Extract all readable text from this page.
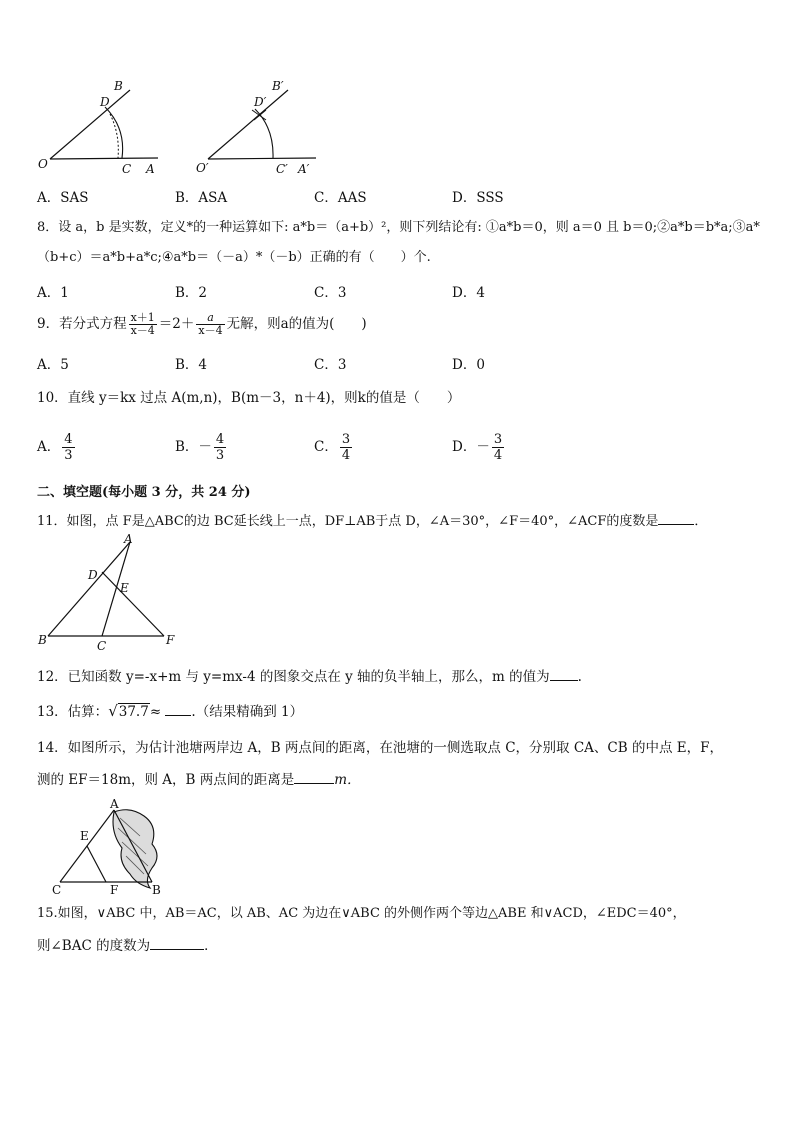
B
D
O	C A
B′
D′
O′	C′ A′
A．SAS	B．ASA	C．AAS	D．SSS
8．设 a，b 是实数，定义*的一种运算如下: a*b＝（a+b）²，则下列结论有: ①a*b＝0，则 a＝0 且 b＝0;②a*b＝b*a;③a*
（b+c）＝a*b+a*c;④a*b＝（－a）*（－b）正确的有（　　）个.
A．1	B．2	C．3	D．4
9．若分式方程 $\frac{x+1}{x-4} =2+ \frac{a}{x-4}$ 无解，则a的值为(　　)
A．5	B．4	C．3	D．0
10．直线 y＝kx 过点 A(m,n)，B(m－3，n＋4)，则k的值是（　　）
A． $\frac{4}{3}$	B．－ $\frac{4}{3}$	C． $\frac{3}{4}$	D．－ $\frac{3}{4}$
二、填空题(每小题 3 分，共 24 分)
11．如图，点 F是△ABC的边 BC延长线上一点，DF⊥AB于点 D，∠A＝30°，∠F＝40°，∠ACF的度数是	．
A
D
E
B	C	F
12．已知函数 y=-x+m 与 y=mx-4 的图象交点在 y 轴的负半轴上，那么，m 的值为 .
13．估算：√37.7≈ .（结果精确到 1）
14．如图所示，为估计池塘两岸边 A，B 两点间的距离，在池塘的一侧选取点 C，分别取 CA、CB 的中点 E，F，
测的 EF＝18m，则 A，B 两点间的距离是	m．
A
E
C	F	B
15.如图，∨ABC 中，AB＝AC，以 AB、AC 为边在∨ABC 的外侧作两个等边△ABE 和∨ACD，∠EDC＝40°，
则∠BAC 的度数为	．
